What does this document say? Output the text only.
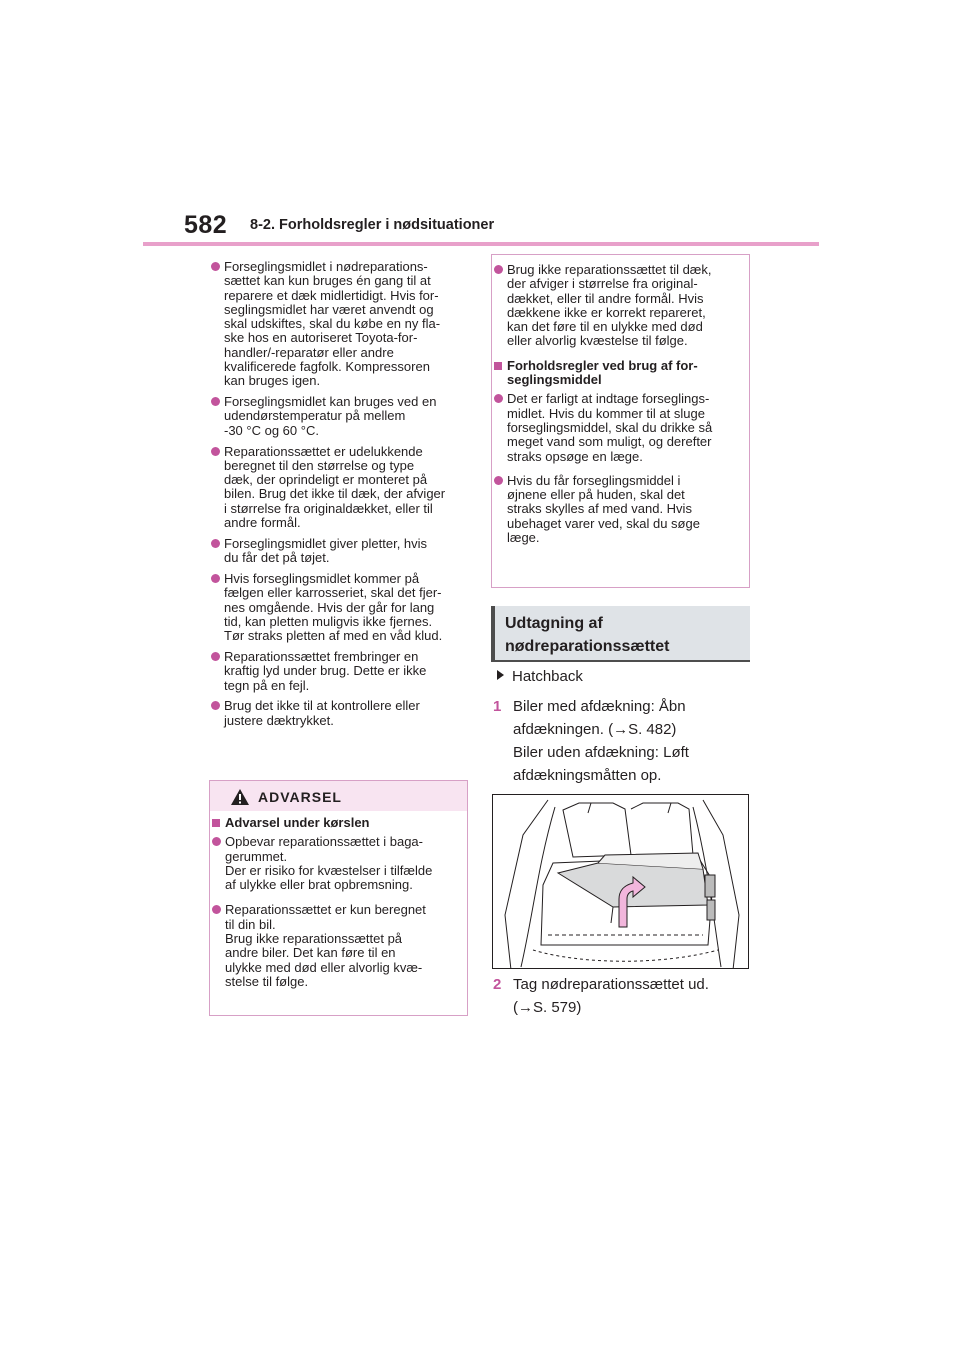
582 8-2. Forholdsregler i nødsituationer
Forseglingsmidlet i nødreparations-
sættet kan kun bruges én gang til at
reparere et dæk midlertidigt. Hvis for-
seglingsmidlet har været anvendt og
skal udskiftes, skal du købe en ny fla-
ske hos en autoriseret Toyota-for-
handler/-reparatør eller andre
kvalificerede fagfolk. Kompressoren
kan bruges igen.
Forseglingsmidlet kan bruges ved en
udendørstemperatur på mellem
-30 °C og 60 °C.
Reparationssættet er udelukkende
beregnet til den størrelse og type
dæk, der oprindeligt er monteret på
bilen. Brug det ikke til dæk, der afviger
i størrelse fra originaldækket, eller til
andre formål.
Forseglingsmidlet giver pletter, hvis
du får det på tøjet.
Hvis forseglingsmidlet kommer på
fælgen eller karrosseriet, skal det fjer-
nes omgående. Hvis der går for lang
tid, kan pletten muligvis ikke fjernes.
Tør straks pletten af med en våd klud.
Reparationssættet frembringer en
kraftig lyd under brug. Dette er ikke
tegn på en fejl.
Brug det ikke til at kontrollere eller
justere dæktrykket.
ADVARSEL
Advarsel under kørslen
Opbevar reparationssættet i baga-
gerummet.
Der er risiko for kvæstelser i tilfælde
af ulykke eller brat opbremsning.
Reparationssættet er kun beregnet
til din bil.
Brug ikke reparationssættet på
andre biler. Det kan føre til en
ulykke med død eller alvorlig kvæ-
stelse til følge.
Brug ikke reparationssættet til dæk,
der afviger i størrelse fra original-
dækket, eller til andre formål. Hvis
dækkene ikke er korrekt repareret,
kan det føre til en ulykke med død
eller alvorlig kvæstelse til følge.
Forholdsregler ved brug af for-
seglingsmiddel
Det er farligt at indtage forseglings-
midlet. Hvis du kommer til at sluge
forseglingsmiddel, skal du drikke så
meget vand som muligt, og derefter
straks opsøge en læge.
Hvis du får forseglingsmiddel i
øjnene eller på huden, skal det
straks skylles af med vand. Hvis
ubehaget varer ved, skal du søge
læge.
Udtagning af
nødreparationssættet
Hatchback
1 Biler med afdækning: Åbn
afdækningen. (→S. 482)
Biler uden afdækning: Løft
afdækningsmåtten op.
2 Tag nødreparationssættet ud.
(→S. 579)
